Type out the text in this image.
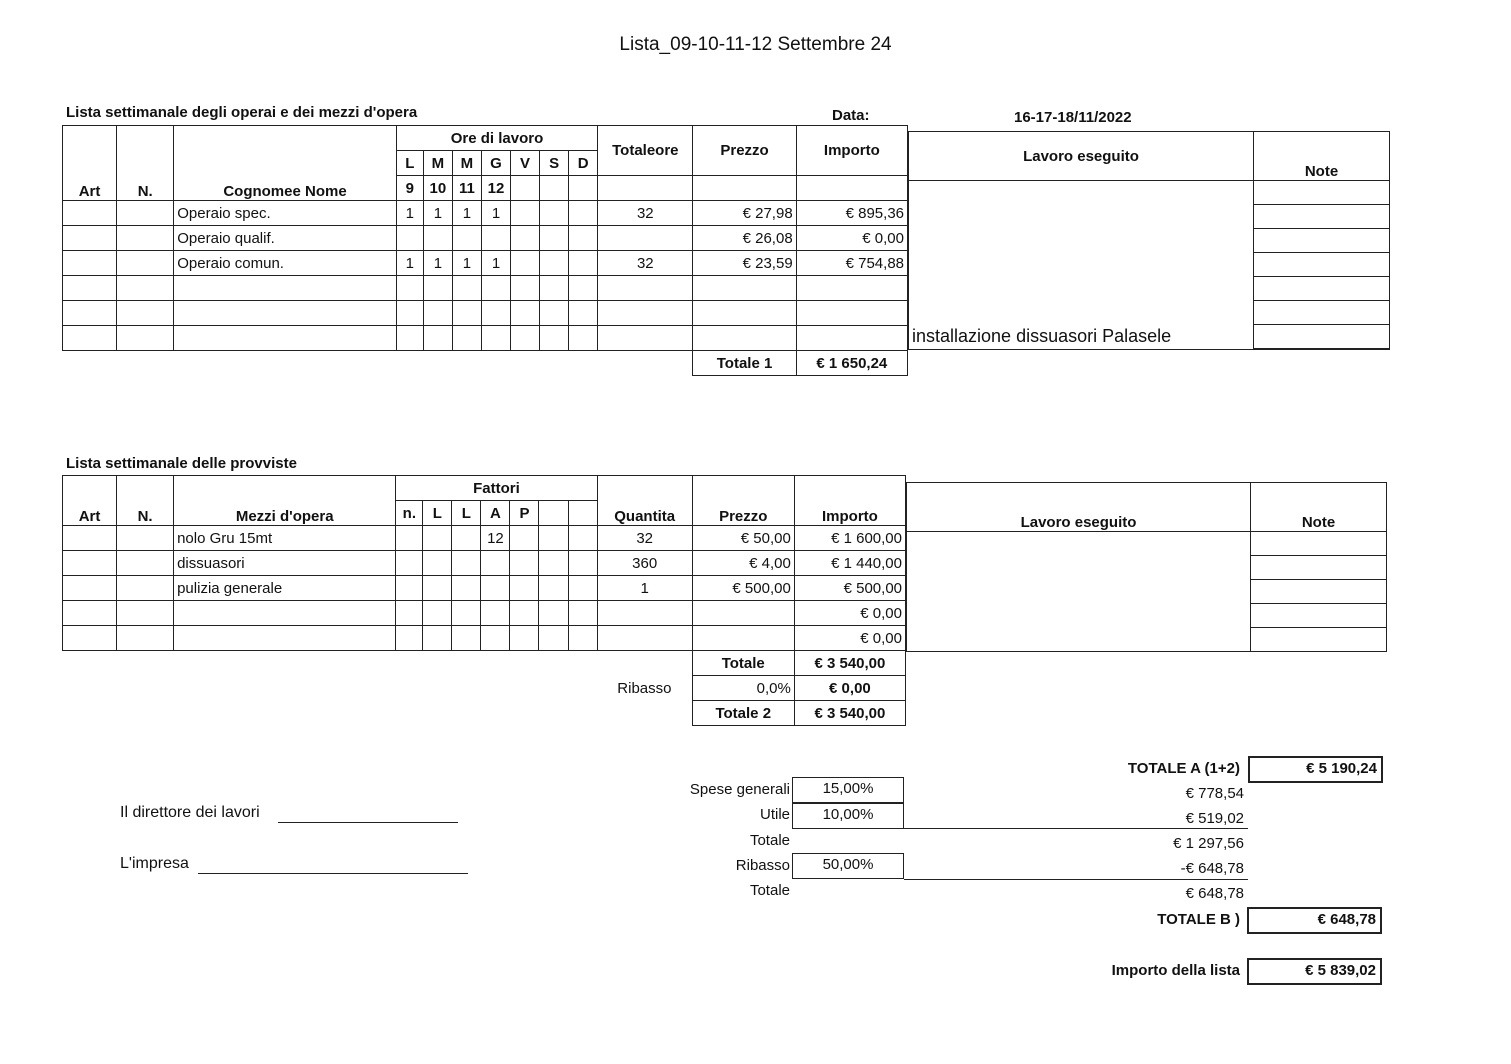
Lista_09-10-11-12 Settembre 24
Lista settimanale degli operai e dei mezzi d'opera	Data:	16-17-18/11/2022
Art	N.	Cognomee Nome	Ore di lavoro							Totaleore	Prezzo	Importo
			L	M	M	G	V	S	D			
			9	10	11	12						
		Operaio spec.	1	1	1	1				32	€ 27,98	€ 895,36
		Operaio qualif.									€ 26,08	€ 0,00
		Operaio comun.	1	1	1	1				32	€ 23,59	€ 754,88

											Totale 1	€ 1 650,24
Lavoro eseguito	Note
installazione dissuasori Palasele	

Lista settimanale delle provviste
Art	N.	Mezzi d'opera	Fattori							Quantita	Prezzo	Importo
			n.	L	L	A	P					
		nolo Gru 15mt				12				32	€ 50,00	€ 1 600,00
		dissuasori								360	€ 4,00	€ 1 440,00
		pulizia generale								1	€ 500,00	€ 500,00
												€ 0,00
												€ 0,00
											Totale	€ 3 540,00
										Ribasso	0,0%	€ 0,00
											Totale 2	€ 3 540,00
Lavoro eseguito	Note

TOTALE A (1+2)	€ 5 190,24
Spese generali	15,00%	€ 778,54
Utile	10,00%	€ 519,02
Totale	€ 1 297,56
Ribasso	50,00%	-€ 648,78
Totale	€ 648,78
TOTALE B )	€ 648,78
Importo della lista	€ 5 839,02
Il direttore dei lavori
L'impresa
